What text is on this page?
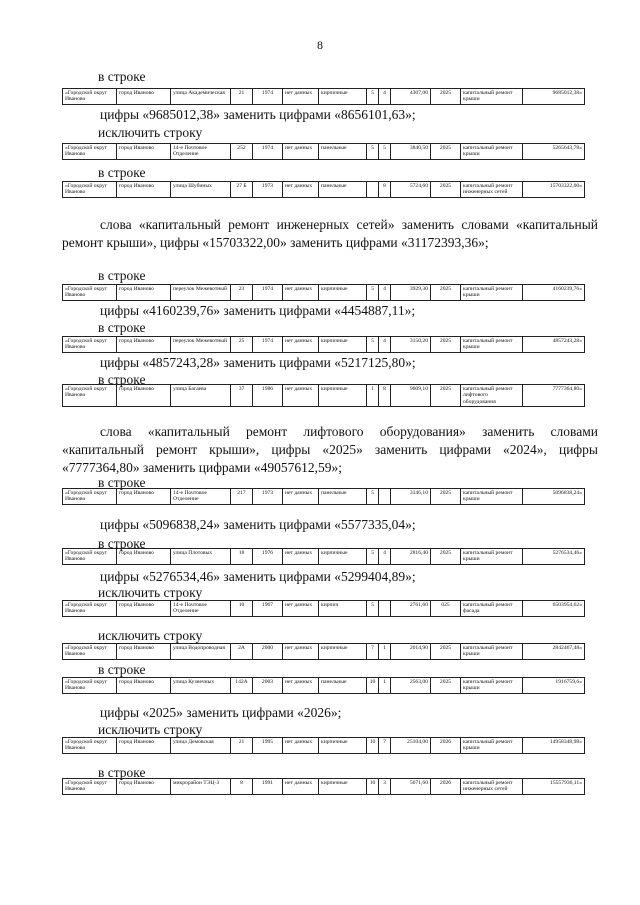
8
в строке
«Городской округ Иваново	город Иваново	улица Академическая	21	1974	нет данных	кирпичные	5	4	4307,00	2025	капитальный ремонт крыши	9685012,38»
цифры «9685012,38» заменить цифрами «8656101,63»;
исключить строку
«Городской округ Иваново	город Иваново	14-е Почтовое Отделение	252	1974	нет данных	панельные	5	5	3840,50	2025	капитальный ремонт крыши	5265643,78»
в строке
«Городской округ Иваново	город Иваново	улица Шубиных	27 Б	1973	нет данных	панельные		8	5724,60	2025	капитальный ремонт инженерных сетей	15703322,00»
слова «капитальный ремонт инженерных сетей» заменить словами «капитальный ремонт крыши», цифры «15703322,00» заменить цифрами «31172393,36»;
в строке
«Городской округ Иваново	город Иваново	переулок Межевотный	23	1974	нет данных	кирпичные	5	4	3929,30	2025	капитальный ремонт крыши	4160239,76»
цифры «4160239,76» заменить цифрами «4454887,11»;
в строке
«Городской округ Иваново	город Иваново	переулок Межевотный	25	1974	нет данных	кирпичные	5	4	3150,20	2025	капитальный ремонт крыши	4857243,28»
цифры «4857243,28» заменить цифрами «5217125,80»;
в строке
«Городской округ Иваново	город Иваново	улица Багаева	37	1986	нет данных	кирпичные	1	8	9609,10	2025	капитальный ремонт лифтового оборудования	7777364,80»
слова «капитальный ремонт лифтового оборудования» заменить словами «капитальный ремонт крыши», цифры «2025» заменить цифрами «2024», цифры «7777364,80» заменить цифрами «49057612,59»;
в строке
«Городской округ Иваново	город Иваново	14-е Почтовое Отделение	217	1973	нет данных	панельные	5		3146,10	2025	капитальный ремонт крыши	5096838,24»
цифры «5096838,24» заменить цифрами «5577335,04»;
в строке
«Городской округ Иваново	город Иваново	улица Плотовых	18	1976	нет данных	кирпичные	5	4	2816,40	2025	капитальный ремонт крыши	5276534,46»
цифры «5276534,46» заменить цифрами «5299404,89»;
исключить строку
«Городской округ Иваново	город Иваново	14-е Почтовое Отделение	10	1967	нет данных	кирпич	5		2761,60	025	капитальный ремонт фасада	6503954,62»
исключить строку
«Городской округ Иваново	город Иваново	улица Водопроводная	2А	2000	нет данных	кирпичные	7	1	2014,90	2025	капитальный ремонт крыши	2842467,48»
в строке
«Городской округ Иваново	город Иваново	улица Кузнечных	142А	2003	нет данных	панельные	10	1	2563,00	2025	капитальный ремонт крыши	1916759,6»
цифры «2025» заменить цифрами «2026»;
исключить строку
«Городской округ Иваново	город Иваново	улица Демовская	21	1995	нет данных	кирпичные	10	7	25104,00	2026	капитальный ремонт крыши	14958348,98»
в строке
«Городской округ Иваново	город Иваново	микрорайон ТЭЦ-3	8	1991	нет данных	кирпичные	10	3	5671,60	2026	капитальный ремонт инженерных сетей	15557936,11»
